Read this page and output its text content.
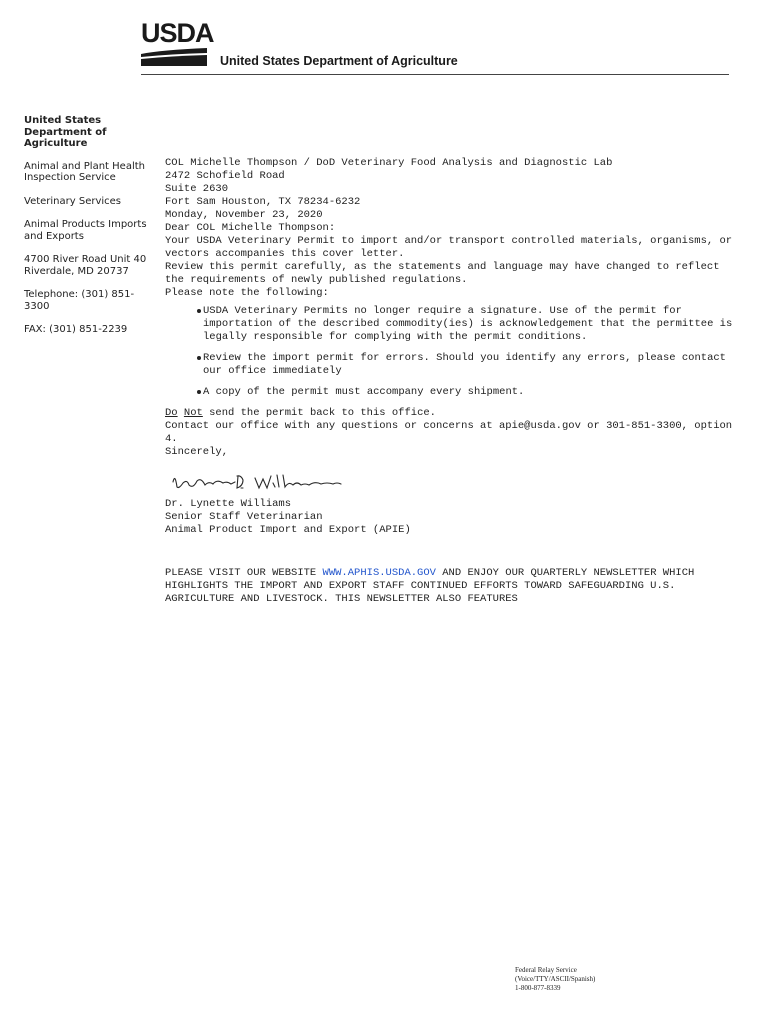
USDA
United States Department of Agriculture
United States Department of Agriculture
Animal and Plant Health Inspection Service
Veterinary Services
Animal Products Imports and Exports
4700 River Road Unit 40 Riverdale, MD 20737
Telephone: (301) 851-3300
FAX: (301) 851-2239

COL Michelle Thompson / DoD Veterinary Food Analysis and Diagnostic Lab

2472 Schofield Road

Suite 2630

Fort Sam Houston, TX 78234-6232

Monday, November 23, 2020

Dear COL Michelle Thompson:

Your USDA Veterinary Permit to import and/or transport controlled materials, organisms, or vectors accompanies this cover letter.

Review this permit carefully, as the statements and language may have changed to reflect the requirements of newly published regulations.

Please note the following:

USDA Veterinary Permits no longer require a signature. Use of the permit for importation of the described commodity(ies) is acknowledgement that the permittee is legally responsible for complying with the permit conditions.
Review the import permit for errors. Should you identify any errors, please contact our office immediately
A copy of the permit must accompany every shipment.

Do Not send the permit back to this office.

Contact our office with any questions or concerns at apie@usda.gov or 301-851-3300, option 4.

Sincerely,

Dr. Lynette Williams

Senior Staff Veterinarian

Animal Product Import and Export (APIE)

PLEASE VISIT OUR WEBSITE WWW.APHIS.USDA.GOV AND ENJOY OUR QUARTERLY NEWSLETTER WHICH HIGHLIGHTS THE IMPORT AND EXPORT STAFF CONTINUED EFFORTS TOWARD SAFEGUARDING U.S. AGRICULTURE AND LIVESTOCK. THIS NEWSLETTER ALSO FEATURES

Federal Relay Service
(Voice/TTY/ASCII/Spanish)
1-800-877-8339
